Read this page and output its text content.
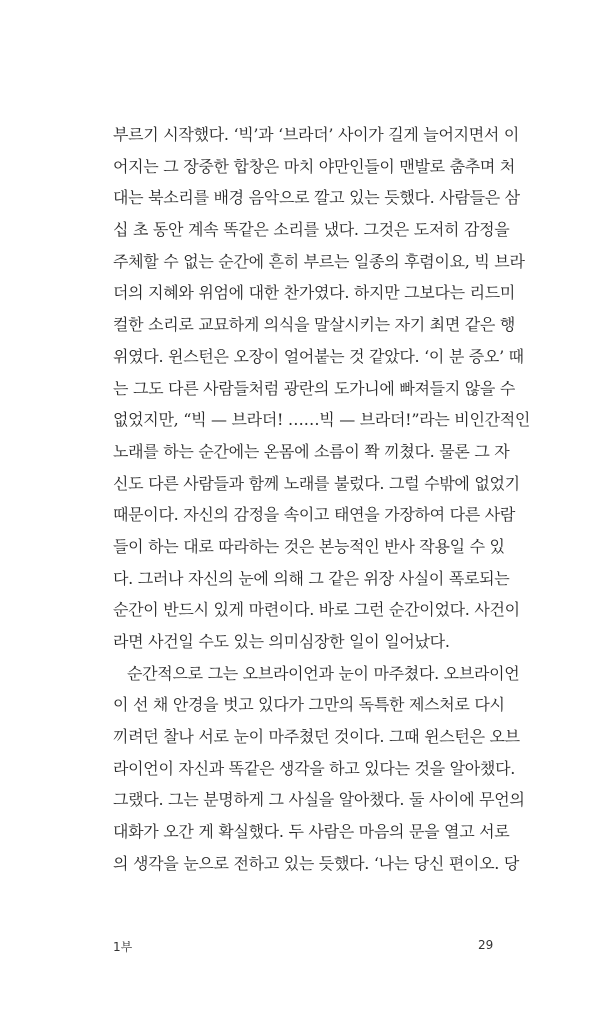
부르기 시작했다. ‘빅’과 ‘브라더’ 사이가 길게 늘어지면서 이
어지는 그 장중한 합창은 마치 야만인들이 맨발로 춤추며 처
대는 북소리를 배경 음악으로 깔고 있는 듯했다. 사람들은 삼
십 초 동안 계속 똑같은 소리를 냈다. 그것은 도저히 감정을
주체할 수 없는 순간에 흔히 부르는 일종의 후렴이요, 빅 브라
더의 지혜와 위엄에 대한 찬가였다. 하지만 그보다는 리드미
컬한 소리로 교묘하게 의식을 말살시키는 자기 최면 같은 행
위였다. 윈스턴은 오장이 얼어붙는 것 같았다. ‘이 분 증오’ 때
는 그도 다른 사람들처럼 광란의 도가니에 빠져들지 않을 수
없었지만, “빅 — 브라더! ……빅 — 브라더!”라는 비인간적인
노래를 하는 순간에는 온몸에 소름이 쫙 끼쳤다. 물론 그 자
신도 다른 사람들과 함께 노래를 불렀다. 그럴 수밖에 없었기
때문이다. 자신의 감정을 속이고 태연을 가장하여 다른 사람
들이 하는 대로 따라하는 것은 본능적인 반사 작용일 수 있
다. 그러나 자신의 눈에 의해 그 같은 위장 사실이 폭로되는
순간이 반드시 있게 마련이다. 바로 그런 순간이었다. 사건이
라면 사건일 수도 있는 의미심장한 일이 일어났다.
순간적으로 그는 오브라이언과 눈이 마주쳤다. 오브라이언
이 선 채 안경을 벗고 있다가 그만의 독특한 제스처로 다시
끼려던 찰나 서로 눈이 마주쳤던 것이다. 그때 윈스턴은 오브
라이언이 자신과 똑같은 생각을 하고 있다는 것을 알아챘다.
그랬다. 그는 분명하게 그 사실을 알아챘다. 둘 사이에 무언의
대화가 오간 게 확실했다. 두 사람은 마음의 문을 열고 서로
의 생각을 눈으로 전하고 있는 듯했다. ‘나는 당신 편이오. 당
1부	29
